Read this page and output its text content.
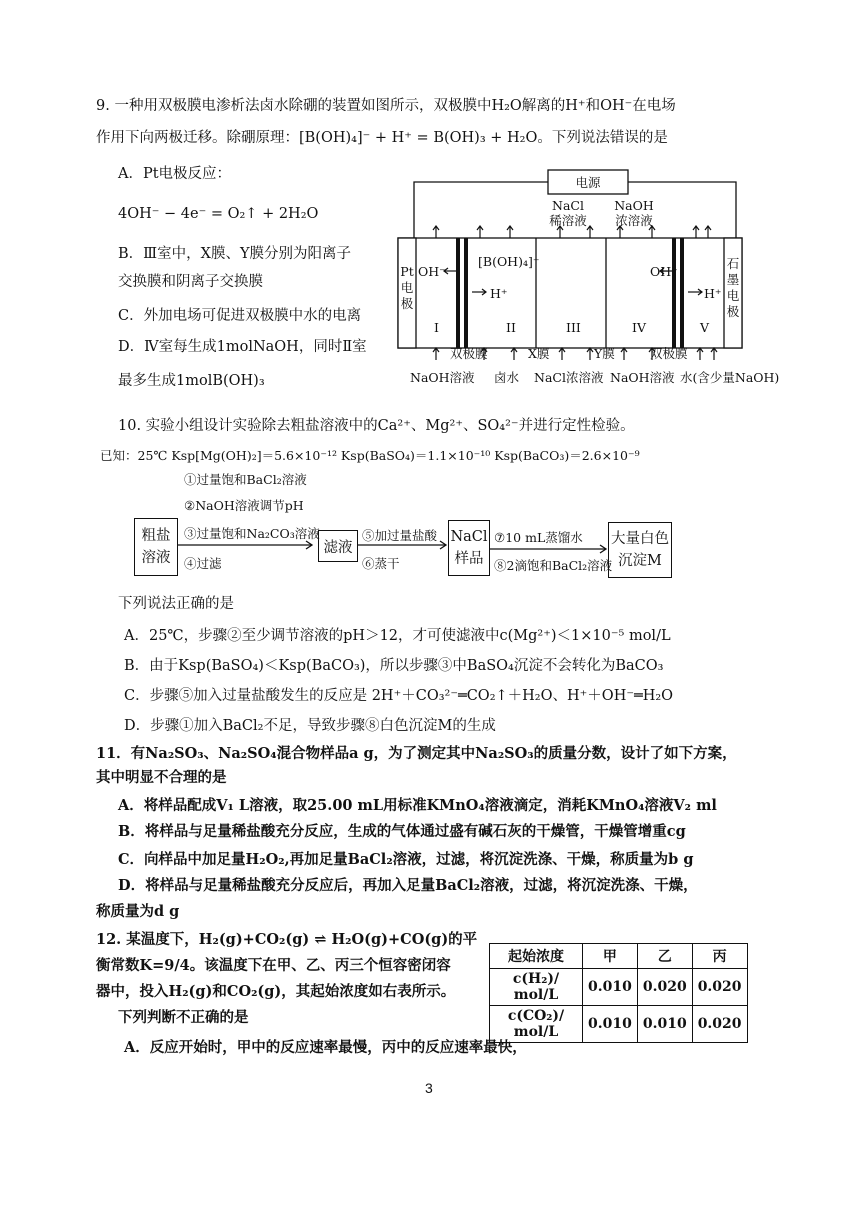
9. 一种用双极膜电渗析法卤水除硼的装置如图所示，双极膜中H₂O解离的H⁺和OH⁻在电场
作用下向两极迁移。除硼原理：[B(OH)₄]⁻ + H⁺ = B(OH)₃ + H₂O。下列说法错误的是
A．Pt电极反应：
4OH⁻ − 4e⁻ = O₂↑ + 2H₂O
B．Ⅲ室中，X膜、Y膜分别为阳离子
交换膜和阴离子交换膜
C．外加电场可促进双极膜中水的电离
D．Ⅳ室每生成1molNaOH，同时Ⅱ室
最多生成1molB(OH)₃
电源
NaCl
稀溶液
NaOH
浓溶液
Pt
电
极
石
墨
电
极
OH⁻
[B(OH)₄]⁻
H⁺
OH⁻
H⁺
I	II	III	IV	V
双极膜	X膜	Y膜	双极膜
NaOH溶液 卤水 NaCl浓溶液 NaOH溶液 水(含少量NaOH)
10. 实验小组设计实验除去粗盐溶液中的Ca²⁺、Mg²⁺、SO₄²⁻并进行定性检验。
已知：25℃ Ksp[Mg(OH)₂]＝5.6×10⁻¹² Ksp(BaSO₄)＝1.1×10⁻¹⁰ Ksp(BaCO₃)＝2.6×10⁻⁹
粗盐
溶液
①过量饱和BaCl₂溶液
②NaOH溶液调节pH
③过量饱和Na₂CO₃溶液
④过滤
滤液
⑤加过量盐酸
⑥蒸干
NaCl
样品
⑦10 mL蒸馏水
⑧2滴饱和BaCl₂溶液
大量白色
沉淀M
下列说法正确的是
A．25℃，步骤②至少调节溶液的pH＞12，才可使滤液中c(Mg²⁺)＜1×10⁻⁵ mol/L
B．由于Ksp(BaSO₄)＜Ksp(BaCO₃)，所以步骤③中BaSO₄沉淀不会转化为BaCO₃
C．步骤⑤加入过量盐酸发生的反应是 2H⁺＋CO₃²⁻═CO₂↑＋H₂O、H⁺＋OH⁻═H₂O
D．步骤①加入BaCl₂不足，导致步骤⑧白色沉淀M的生成
11．有Na₂SO₃、Na₂SO₄混合物样品a g，为了测定其中Na₂SO₃的质量分数，设计了如下方案，
其中明显不合理的是
A．将样品配成V₁ L溶液，取25.00 mL用标准KMnO₄溶液滴定，消耗KMnO₄溶液V₂ ml
B．将样品与足量稀盐酸充分反应，生成的气体通过盛有碱石灰的干燥管，干燥管增重cg
C．向样品中加足量H₂O₂,再加足量BaCl₂溶液，过滤，将沉淀洗涤、干燥，称质量为b g
D．将样品与足量稀盐酸充分反应后，再加入足量BaCl₂溶液，过滤，将沉淀洗涤、干燥，
称质量为d g
12. 某温度下，H₂(g)+CO₂(g) ⇌ H₂O(g)+CO(g)的平
衡常数K=9/4。该温度下在甲、乙、丙三个恒容密闭容
器中，投入H₂(g)和CO₂(g)，其起始浓度如右表所示。
下列判断不正确的是
A．反应开始时，甲中的反应速率最慢，丙中的反应速率最快，
起始浓度	甲	乙	丙
c(H₂)/ mol/L	0.010	0.020	0.020
c(CO₂)/ mol/L	0.010	0.010	0.020
3
